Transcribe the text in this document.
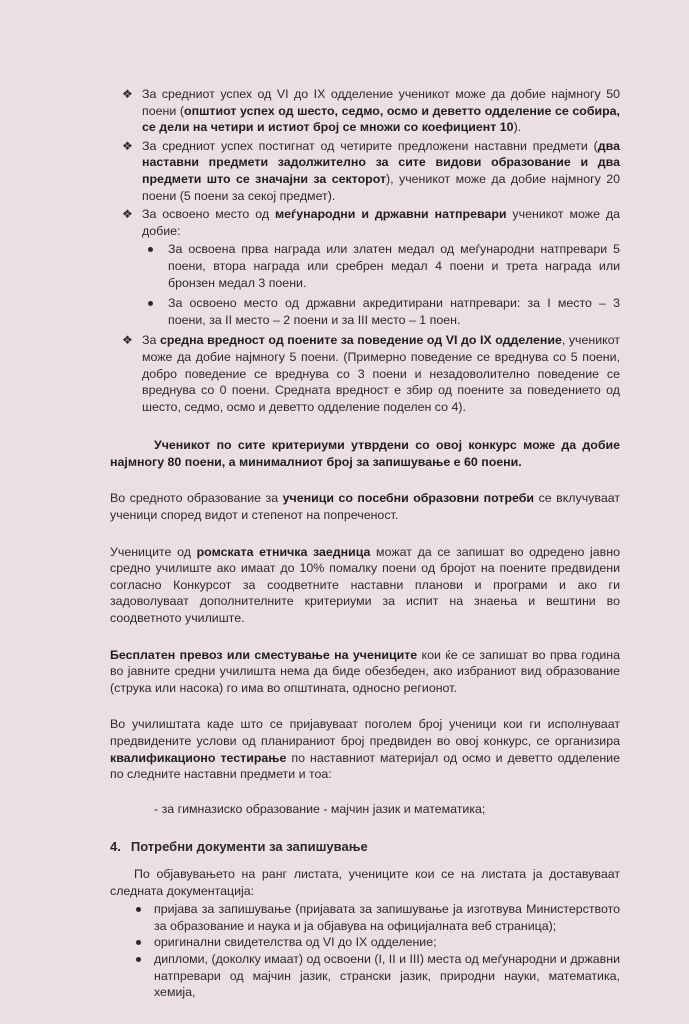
❖ За средниот успех од VI до IX одделение ученикот може да добие најмногу 50 поени (општиот успех од шесто, седмо, осмо и деветто одделение се собира, се дели на четири и истиот број се множи со коефициент 10).

❖ За средниот успех постигнат од четирите предложени наставни предмети (два наставни предмети задолжително за сите видови образование и два предмети што се значајни за секторот), ученикот може да добие најмногу 20 поени (5 поени за секој предмет).

❖ За освоено место од меѓународни и државни натпревари ученикот може да добие:

За освоена прва награда или златен медал од меѓународни натпревари 5 поени, втора награда или сребрен медал 4 поени и трета награда или бронзен медал 3 поени.

За освоено место од државни акредитирани натпревари: за I место – 3 поени, за II место – 2 поени и за III место – 1 поен.

❖ За средна вредност од поените за поведение од VI до IX одделение, ученикот може да добие најмногу 5 поени. (Примерно поведение се вреднува со 5 поени, добро поведение се вреднува со 3 поени и незадоволително поведение се вреднува со 0 поени. Средната вредност е збир од поените за поведението од шесто, седмо, осмо и деветто одделение поделен со 4).

Ученикот по сите критериуми утврдени со овој конкурс може да добие најмногу 80 поени, а минималниот број за запишување е 60 поени.

Во средното образование за ученици со посебни образовни потреби се вклучуваат ученици според видот и степенот на попреченост.

Учениците од ромската етничка заедница можат да се запишат во одредено јавно средно училиште ако имаат до 10% помалку поени од бројот на поените предвидени согласно Конкурсот за соодветните наставни планови и програми и ако ги задоволуваат дополнителните критериуми за испит на знаења и вештини во соодветното училиште.

Бесплатен превоз или сместување на учениците кои ќе се запишат во прва година во јавните средни училишта нема да биде обезбеден, ако избраниот вид образование (струка или насока) го има во општината, односно регионот.

Во училиштата каде што се пријавуваат поголем број ученици кои ги исполнуваат предвидените услови од планираниот број предвиден во овој конкурс, се организира квалификационо тестирање по наставниот материјал од осмо и деветто одделение по следните наставни предмети и тоа:

- за гимназиско образование - мајчин јазик и математика;

4. Потребни документи за запишување

По објавувањето на ранг листата, учениците кои се на листата ја доставуваат следната документација:

пријава за запишување (пријавата за запишување ја изготвува Министерството за образование и наука и ја објавува на официјалната веб страница);

оригинални свидетелства од VI до IX одделение;

дипломи, (доколку имаат) од освоени (I, II и III) места од меѓународни и државни натпревари од мајчин јазик, странски јазик, природни науки, математика, хемија,
